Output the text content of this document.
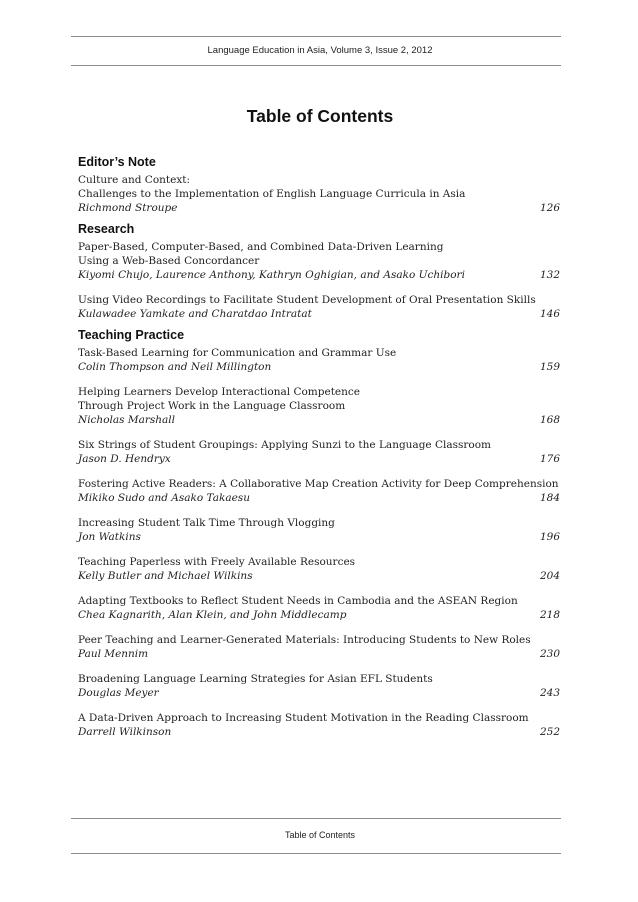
Language Education in Asia, Volume 3, Issue 2, 2012
Table of Contents
Editor’s Note
Culture and Context:
Challenges to the Implementation of English Language Curricula in Asia
Richmond Stroupe	126
Research
Paper-Based, Computer-Based, and Combined Data-Driven Learning
Using a Web-Based Concordancer
Kiyomi Chujo, Laurence Anthony, Kathryn Oghigian, and Asako Uchibori	132
Using Video Recordings to Facilitate Student Development of Oral Presentation Skills
Kulawadee Yamkate and Charatdao Intratat	146
Teaching Practice
Task-Based Learning for Communication and Grammar Use
Colin Thompson and Neil Millington	159
Helping Learners Develop Interactional Competence
Through Project Work in the Language Classroom
Nicholas Marshall	168
Six Strings of Student Groupings: Applying Sunzi to the Language Classroom
Jason D. Hendryx	176
Fostering Active Readers: A Collaborative Map Creation Activity for Deep Comprehension
Mikiko Sudo and Asako Takaesu	184
Increasing Student Talk Time Through Vlogging
Jon Watkins	196
Teaching Paperless with Freely Available Resources
Kelly Butler and Michael Wilkins	204
Adapting Textbooks to Reflect Student Needs in Cambodia and the ASEAN Region
Chea Kagnarith, Alan Klein, and John Middlecamp	218
Peer Teaching and Learner-Generated Materials: Introducing Students to New Roles
Paul Mennim	230
Broadening Language Learning Strategies for Asian EFL Students
Douglas Meyer	243
A Data-Driven Approach to Increasing Student Motivation in the Reading Classroom
Darrell Wilkinson	252
Table of Contents
